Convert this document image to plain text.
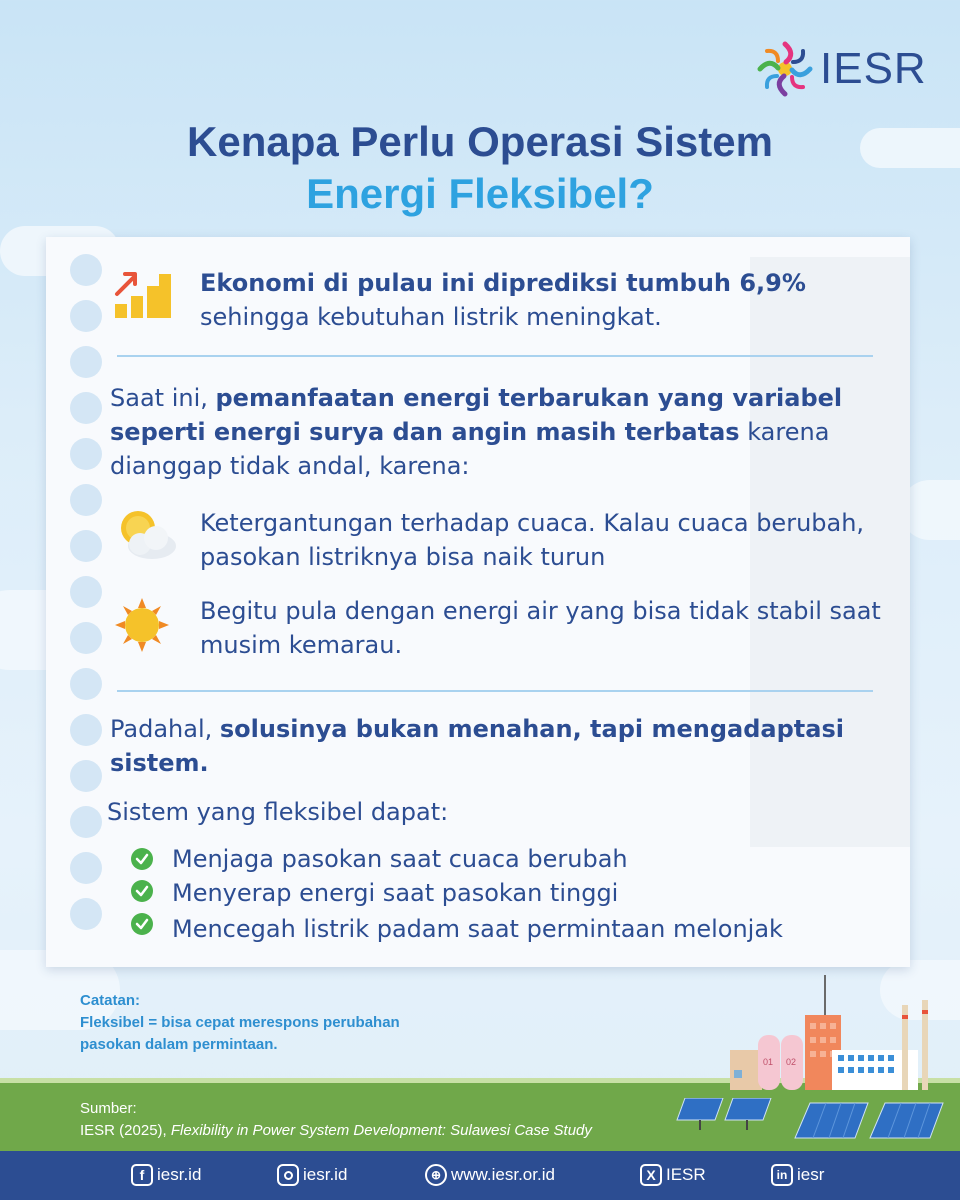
IESR
Kenapa Perlu Operasi Sistem
Energi Fleksibel?
Ekonomi di pulau ini diprediksi tumbuh 6,9%
sehingga kebutuhan listrik meningkat.
Saat ini, pemanfaatan energi terbarukan yang variabel
seperti energi surya dan angin masih terbatas karena
dianggap tidak andal, karena:
Ketergantungan terhadap cuaca. Kalau cuaca berubah,
pasokan listriknya bisa naik turun
Begitu pula dengan energi air yang bisa tidak stabil saat
musim kemarau.
Padahal, solusinya bukan menahan, tapi mengadaptasi
sistem.
Sistem yang fleksibel dapat:
Menjaga pasokan saat cuaca berubah
Menyerap energi saat pasokan tinggi
Mencegah listrik padam saat permintaan melonjak
Catatan:
Fleksibel = bisa cepat merespons perubahan
pasokan dalam permintaan.
01 02
Sumber:
IESR (2025), Flexibility in Power System Development: Sulawesi Case Study
f iesr.id	iesr.id	⊕ www.iesr.or.id	X IESR	in iesr
